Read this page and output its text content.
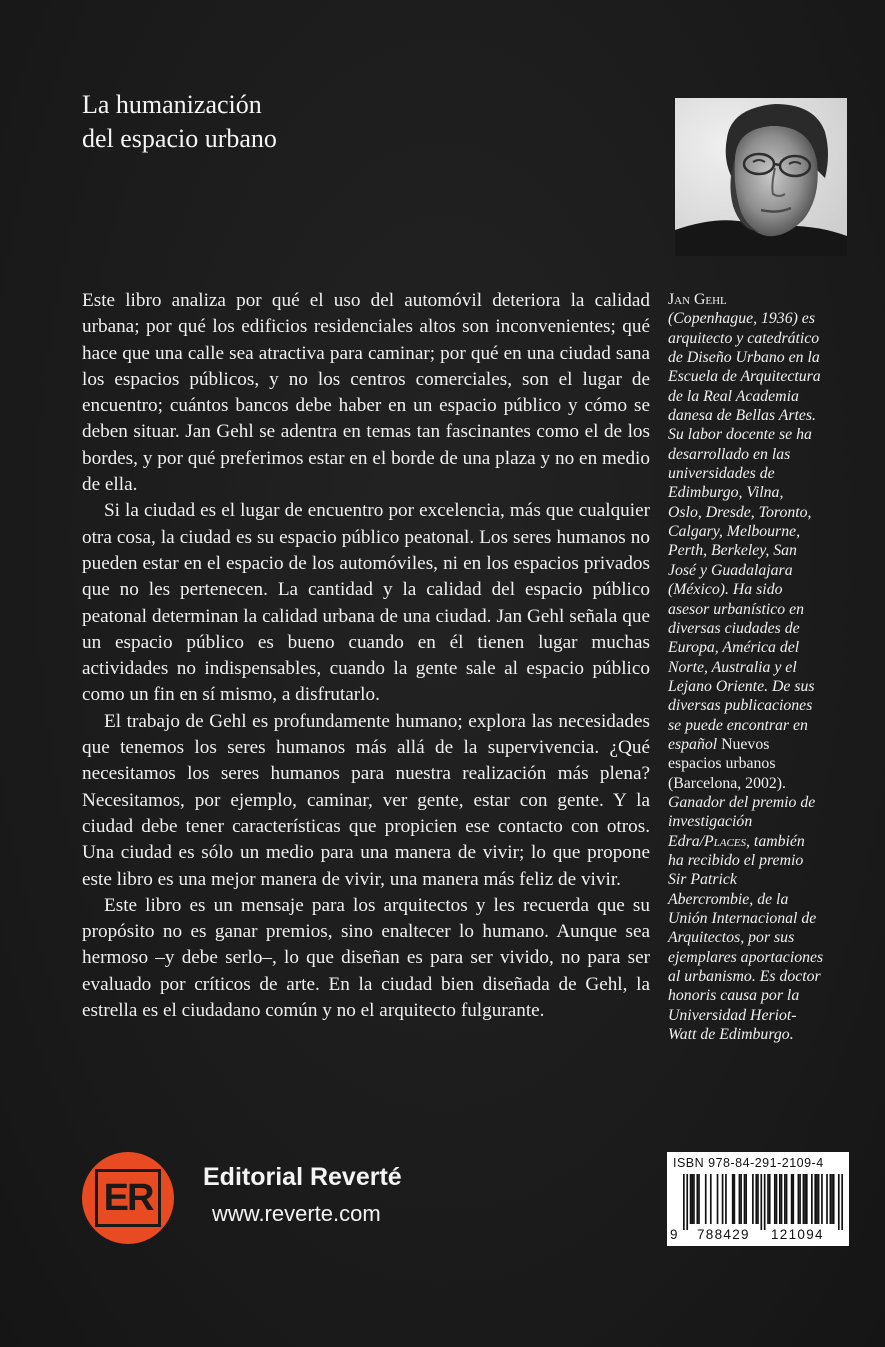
La humanización
del espacio urbano

Este libro analiza por qué el uso del automóvil deteriora la calidad urbana; por qué los edificios residenciales altos son inconvenientes; qué hace que una calle sea atractiva para caminar; por qué en una ciudad sana los espacios públicos, y no los centros comerciales, son el lugar de encuentro; cuántos bancos debe haber en un espacio público y cómo se deben situar. Jan Gehl se adentra en temas tan fascinantes como el de los bordes, y por qué preferimos estar en el borde de una plaza y no en medio de ella.

Si la ciudad es el lugar de encuentro por excelencia, más que cualquier otra cosa, la ciudad es su espacio público peatonal. Los seres humanos no pueden estar en el espacio de los automóviles, ni en los espacios privados que no les pertenecen. La cantidad y la calidad del espacio público peatonal determinan la calidad urbana de una ciudad. Jan Gehl señala que un espacio público es bueno cuando en él tienen lugar muchas actividades no indispensables, cuando la gente sale al espacio público como un fin en sí mismo, a disfrutarlo.

El trabajo de Gehl es profundamente humano; explora las necesidades que tenemos los seres humanos más allá de la supervivencia. ¿Qué necesitamos los seres humanos para nuestra realización más plena? Necesitamos, por ejemplo, caminar, ver gente, estar con gente. Y la ciudad debe tener características que propicien ese contacto con otros. Una ciudad es sólo un medio para una manera de vivir; lo que propone este libro es una mejor manera de vivir, una manera más feliz de vivir.

Este libro es un mensaje para los arquitectos y les recuerda que su propósito no es ganar premios, sino enaltecer lo humano. Aunque sea hermoso –y debe serlo–, lo que diseñan es para ser vivido, no para ser evaluado por críticos de arte. En la ciudad bien diseñada de Gehl, la estrella es el ciudadano común y no el arquitecto fulgurante.

Jan Gehl
(Copenhague, 1936) es
arquitecto y catedrático
de Diseño Urbano en la
Escuela de Arquitectura
de la Real Academia
danesa de Bellas Artes.
Su labor docente se ha
desarrollado en las
universidades de
Edimburgo, Vilna,
Oslo, Dresde, Toronto,
Calgary, Melbourne,
Perth, Berkeley, San
José y Guadalajara
(México). Ha sido
asesor urbanístico en
diversas ciudades de
Europa, América del
Norte, Australia y el
Lejano Oriente. De sus
diversas publicaciones
se puede encontrar en
español Nuevos
espacios urbanos
(Barcelona, 2002).
Ganador del premio de
investigación
Edra/Places, también
ha recibido el premio
Sir Patrick
Abercrombie, de la
Unión Internacional de
Arquitectos, por sus
ejemplares aportaciones
al urbanismo. Es doctor
honoris causa por la
Universidad Heriot-
Watt de Edimburgo.
ER	Editorial Reverté
www.reverte.com
ISBN 978-84-291-2109-4
9 788429 121094
